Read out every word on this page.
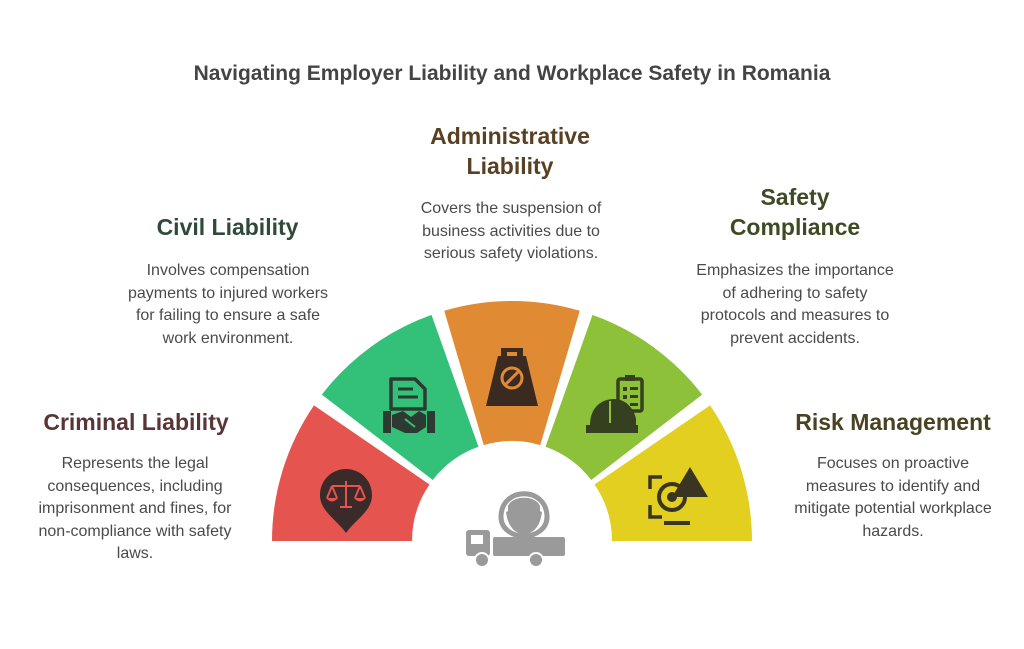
Navigating Employer Liability and Workplace Safety in Romania
Criminal Liability
Represents the legal consequences, including imprisonment and fines, for non-compliance with safety laws.
Civil Liability
Involves compensation payments to injured workers for failing to ensure a safe work environment.
Administrative Liability
Covers the suspension of business activities due to serious safety violations.
Safety Compliance
Emphasizes the importance of adhering to safety protocols and measures to prevent accidents.
Risk Management
Focuses on proactive measures to identify and mitigate potential workplace hazards.
